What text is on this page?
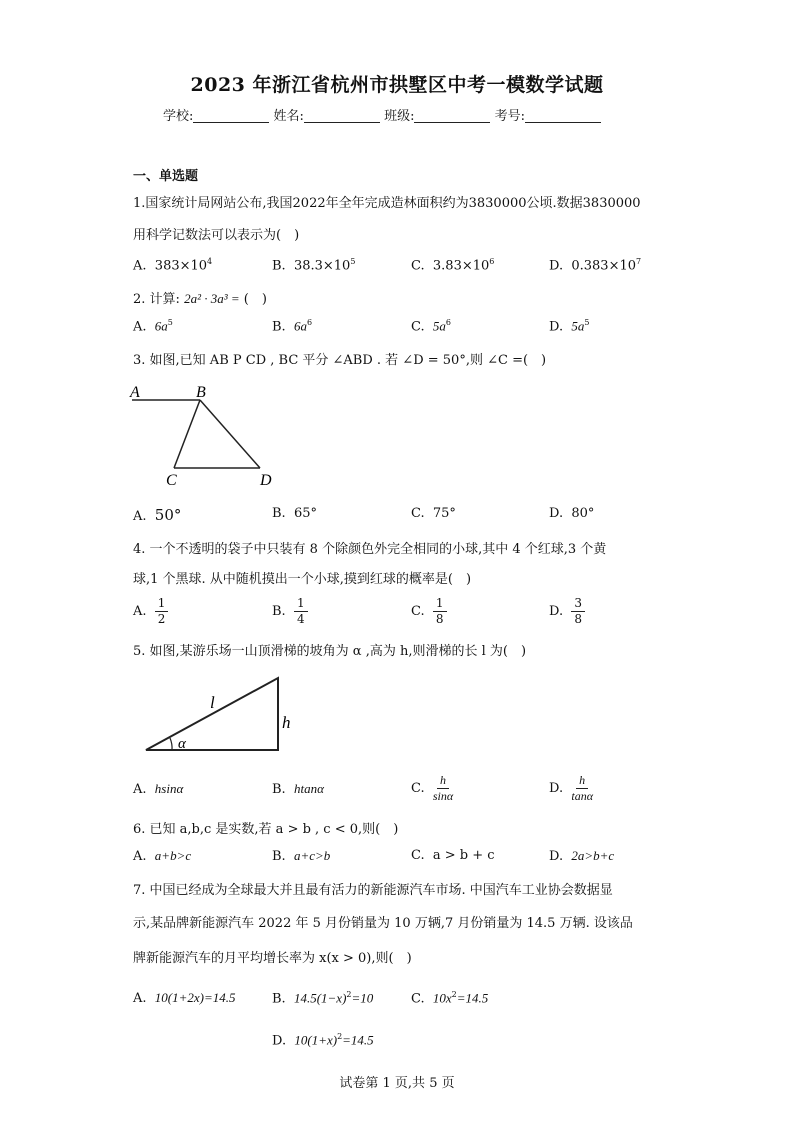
2023 年浙江省杭州市拱墅区中考一模数学试题
学校:	姓名:	班级:	考号:
一、单选题
1.国家统计局网站公布,我国2022年全年完成造林面积约为3830000公顷.数据3830000
用科学记数法可以表示为(　)
A. $383\times 10^4$	B. $38.3\times 10^5$	C. $3.83\times 10^6$	D. $0.383\times 10^7$
2. 计算: 2a² · 3a³ = (　)
A. $6a^5$	B. $6a^6$	C. $5a^6$	D. $5a^5$
3. 如图,已知 AB P CD , BC 平分 ∠ABD . 若 ∠D = 50°,则 ∠C =(　)
A	B
C	D
A. 50°	B. 65°	C. 75°	D. 80°
4. 一个不透明的袋子中只装有 8 个除颜色外完全相同的小球,其中 4 个红球,3 个黄
球,1 个黑球. 从中随机摸出一个小球,摸到红球的概率是(　)
A. $\frac{1}{2}$	B. $\frac{1}{4}$	C. $\frac{1}{8}$	D. $\frac{3}{8}$
5. 如图,某游乐场一山顶滑梯的坡角为 α ,高为 h,则滑梯的长 l 为(　)
l
h
α
A. hsinα	B. htanα	C. $\frac{h}{\sin\alpha}$	D. $\frac{h}{\tan\alpha}$
6. 已知 a,b,c 是实数,若 a > b , c < 0,则(　)
A. a+b>c	B. a+c>b	C. a > b + c	D. 2a>b+c
7. 中国已经成为全球最大并且最有活力的新能源汽车市场. 中国汽车工业协会数据显
示,某品牌新能源汽车 2022 年 5 月份销量为 10 万辆,7 月份销量为 14.5 万辆. 设该品
牌新能源汽车的月平均增长率为 x(x > 0),则(　)
A. 10(1+2x)=14.5	B. $14.5(1-x)^2=10$	C. $10x^2=14.5$
D. $10(1+x)^2=14.5$
试卷第 1 页,共 5 页
